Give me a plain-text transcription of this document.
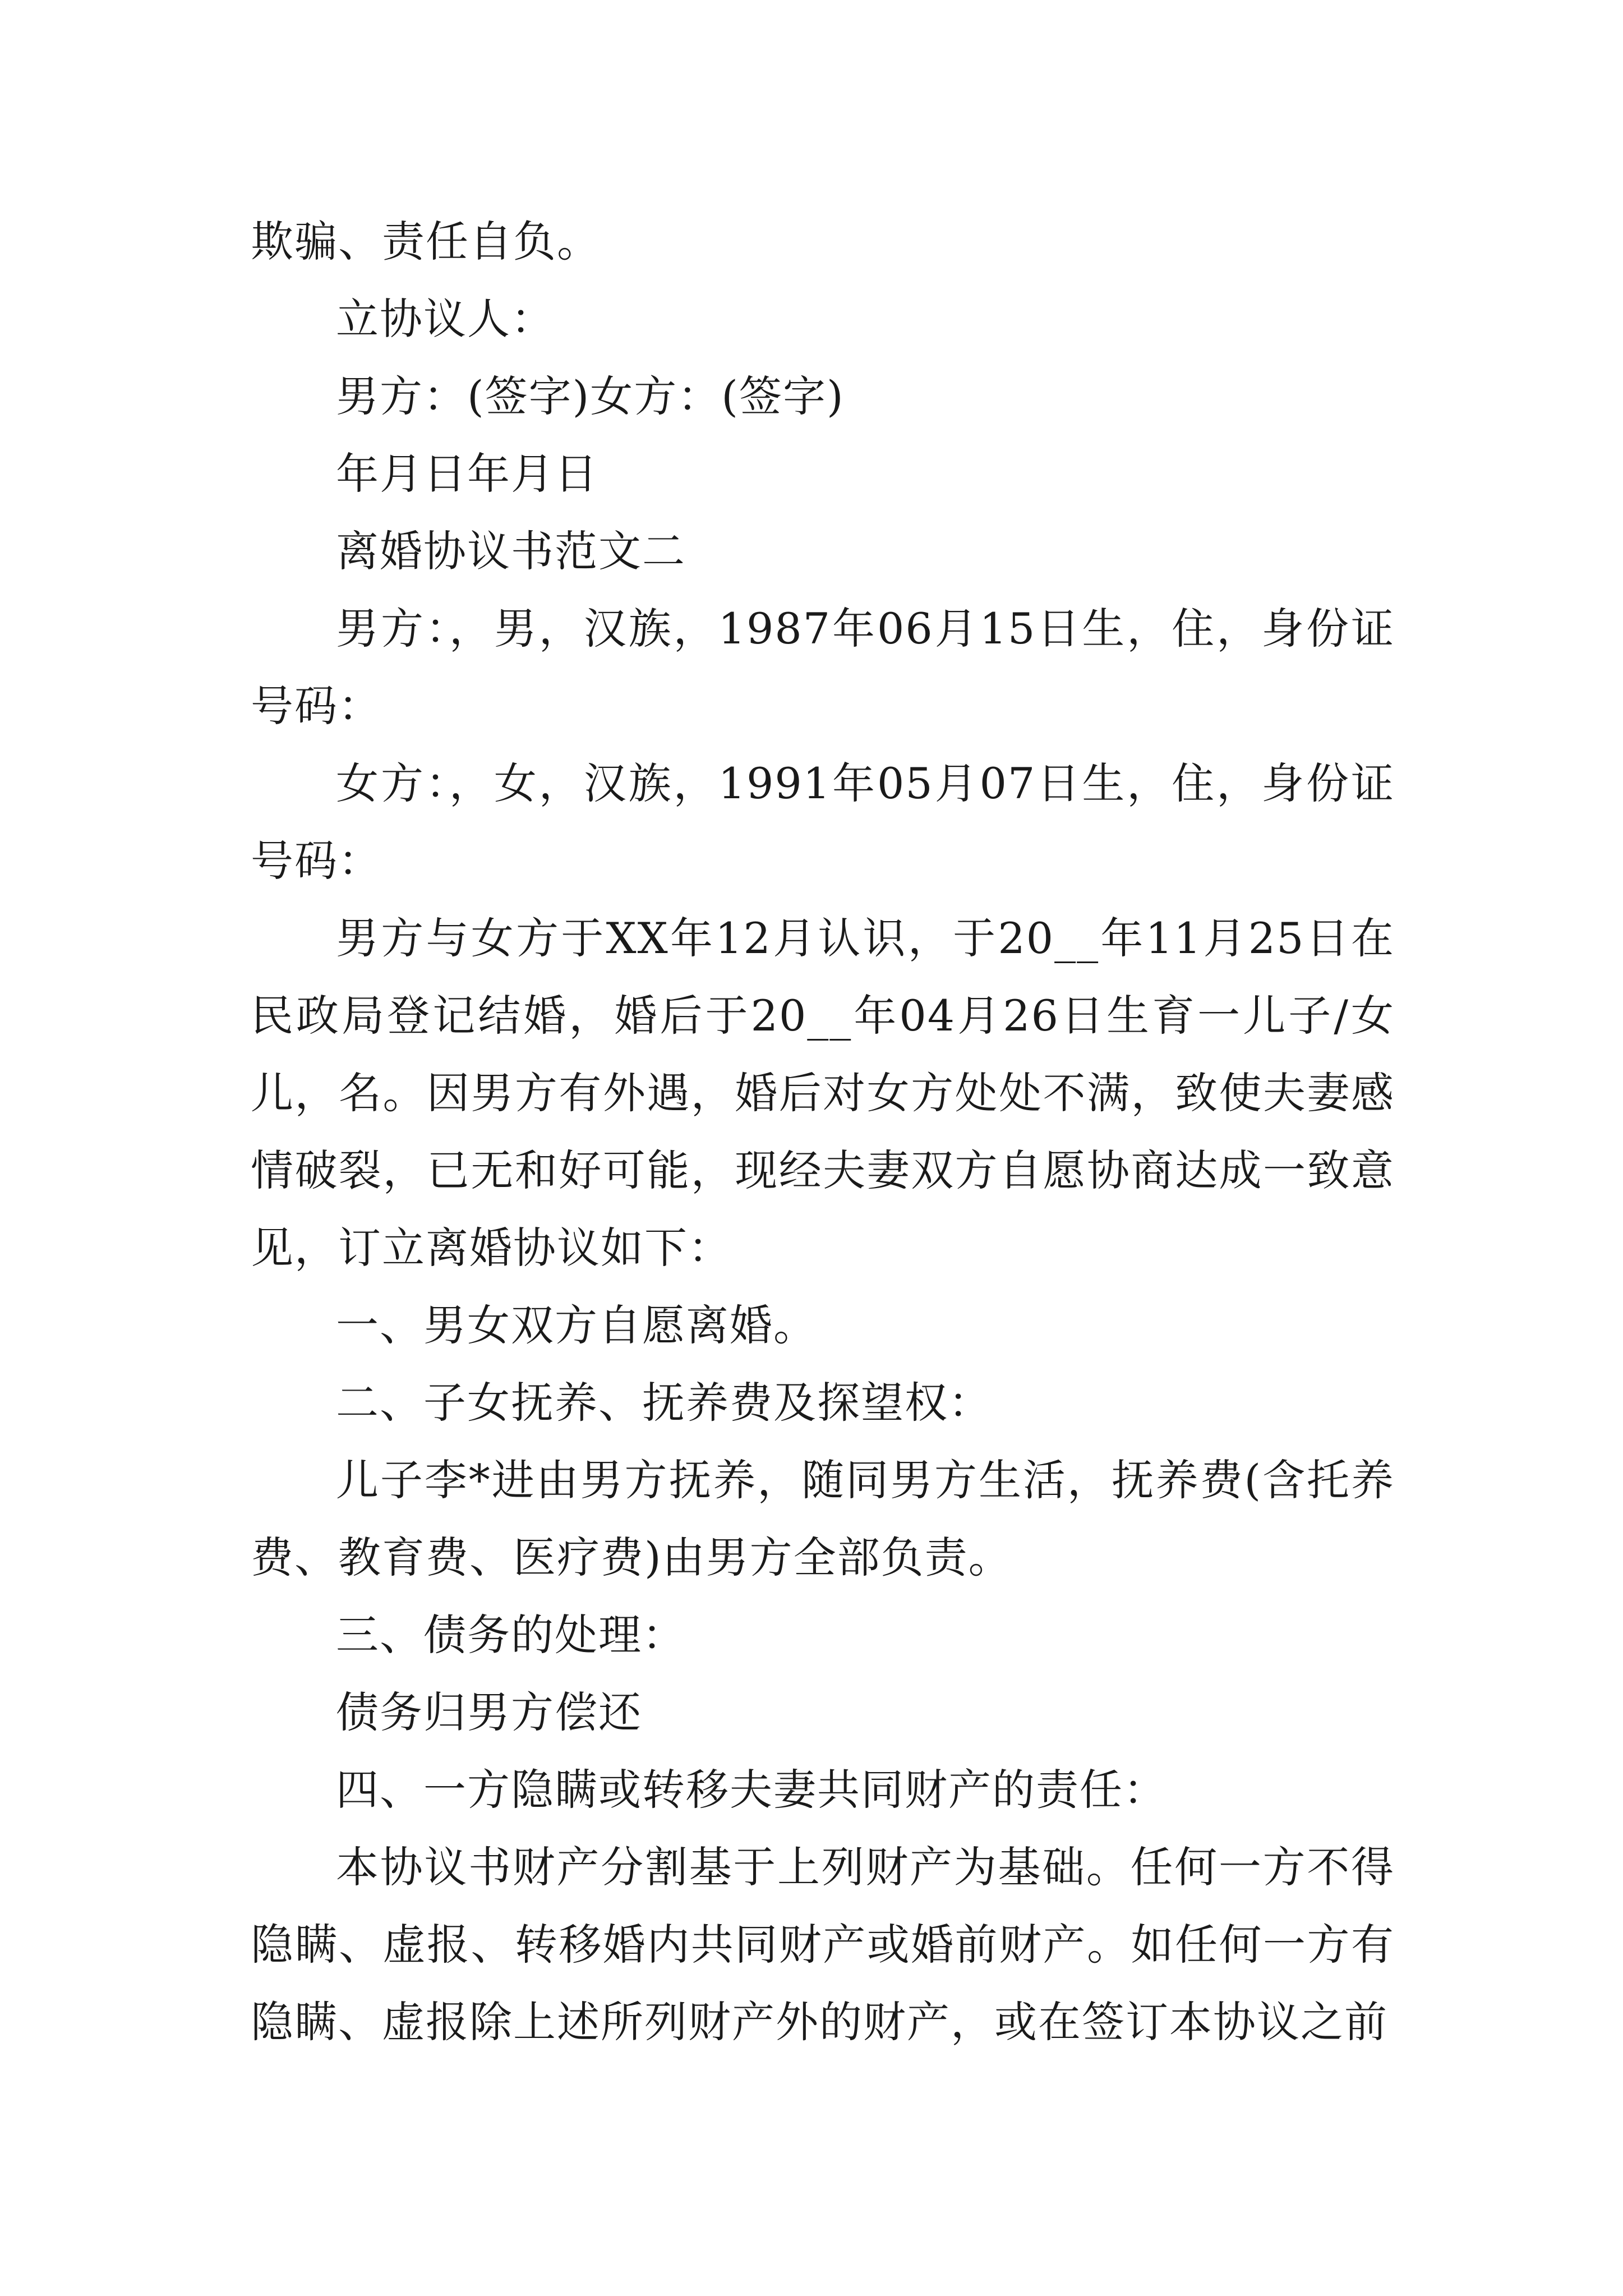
欺骗、责任自负。

立协议人：

男方：(签字)女方：(签字)

年月日年月日

离婚协议书范文二

男方：，男，汉族，1987年06月15日生，住，身份证号码：

女方：，女，汉族，1991年05月07日生，住，身份证号码：

男方与女方于XX年12月认识，于20__年11月25日在民政局登记结婚，婚后于20__年04月26日生育一儿子/女儿，名。因男方有外遇，婚后对女方处处不满，致使夫妻感情破裂，已无和好可能，现经夫妻双方自愿协商达成一致意见，订立离婚协议如下：

一、男女双方自愿离婚。

二、子女抚养、抚养费及探望权：

儿子李*进由男方抚养，随同男方生活，抚养费(含托养费、教育费、医疗费)由男方全部负责。

三、债务的处理：

债务归男方偿还

四、一方隐瞒或转移夫妻共同财产的责任：

本协议书财产分割基于上列财产为基础。任何一方不得隐瞒、虚报、转移婚内共同财产或婚前财产。如任何一方有隐瞒、虚报除上述所列财产外的财产，或在签订本协议之前
